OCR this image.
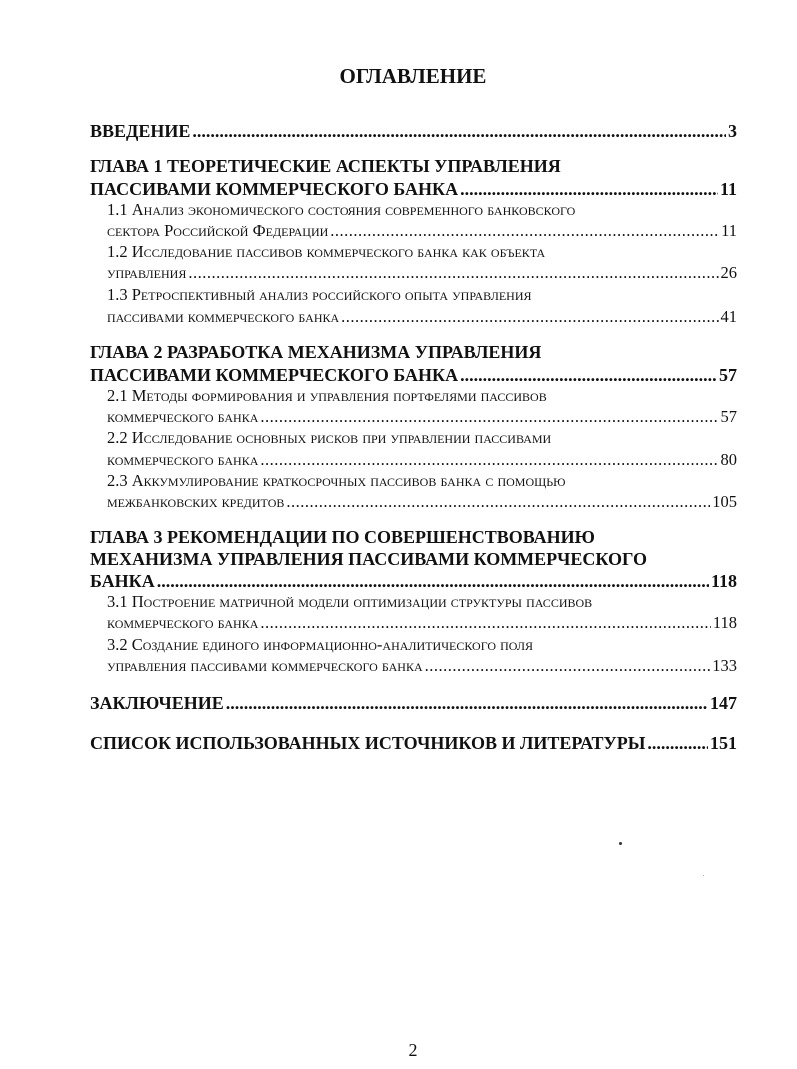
ОГЛАВЛЕНИЕ
ВВЕДЕНИЕ .....	3
ГЛАВА 1 ТЕОРЕТИЧЕСКИЕ АСПЕКТЫ УПРАВЛЕНИЯ
ПАССИВАМИ КОММЕРЧЕСКОГО БАНКА .....	11
1.1 Анализ экономического состояния современного банковского
сектора Российской Федерации .....	11
1.2 Исследование пассивов коммерческого банка как объекта
управления .....	26
1.3 Ретроспективный анализ российского опыта управления
пассивами коммерческого банка .....	41
ГЛАВА 2 РАЗРАБОТКА МЕХАНИЗМА УПРАВЛЕНИЯ
ПАССИВАМИ КОММЕРЧЕСКОГО БАНКА .....	57
2.1 Методы формирования и управления портфелями пассивов
коммерческого банка .....	57
2.2 Исследование основных рисков при управлении пассивами
коммерческого банка .....	80
2.3 Аккумулирование краткосрочных пассивов банка с помощью
межбанковских кредитов .....	105
ГЛАВА 3 РЕКОМЕНДАЦИИ ПО СОВЕРШЕНСТВОВАНИЮ
МЕХАНИЗМА УПРАВЛЕНИЯ ПАССИВАМИ КОММЕРЧЕСКОГО
БАНКА .....	118
3.1 Построение матричной модели оптимизации структуры пассивов
коммерческого банка .....	118
3.2 Создание единого информационно-аналитического поля
управления пассивами коммерческого банка .....	133
ЗАКЛЮЧЕНИЕ .....	147
СПИСОК ИСПОЛЬЗОВАННЫХ ИСТОЧНИКОВ И ЛИТЕРАТУРЫ .....	151
2
